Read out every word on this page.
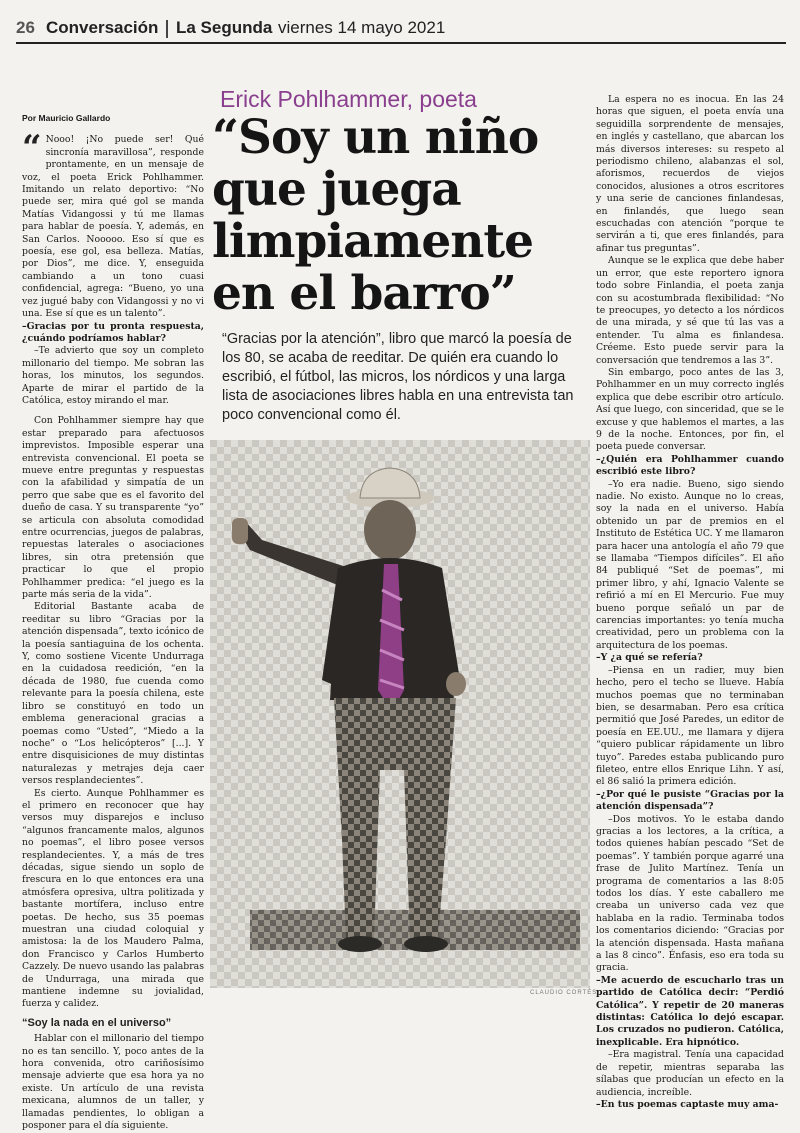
26 Conversación La Segunda viernes 14 mayo 2021
Por Mauricio Gallardo
“ Nooo! ¡No puede ser! Qué sincronía maravillosa”, responde prontamente, en un mensaje de voz, el poeta Erick Pohlhammer. Imitando un relato deportivo: “No puede ser, mira qué gol se manda Matías Vidangossi y tú me llamas para hablar de poesía. Y, además, en San Carlos. Nooooo. Eso sí que es poesía, ese gol, esa belleza. Matías, por Dios”, me dice. Y, enseguida cambiando a un tono cuasi confidencial, agrega: “Bueno, yo una vez jugué baby con Vidangossi y no vi una. Ese sí que es un talento”.

–Gracias por tu pronta respuesta, ¿cuándo podríamos hablar?

–Te advierto que soy un completo millonario del tiempo. Me sobran las horas, los minutos, los segundos. Aparte de mirar el partido de la Católica, estoy mirando el mar.

Con Pohlhammer siempre hay que estar preparado para afectuosos imprevistos. Imposible esperar una entrevista convencional. El poeta se mueve entre preguntas y respuestas con la afabilidad y simpatía de un perro que sabe que es el favorito del dueño de casa. Y su transparente “yo” se articula con absoluta comodidad entre ocurrencias, juegos de palabras, repuestas laterales o asociaciones libres, sin otra pretensión que practicar lo que el propio Pohlhammer predica: “el juego es la parte más seria de la vida”.

Editorial Bastante acaba de reeditar su libro “Gracias por la atención dispensada”, texto icónico de la poesía santiaguina de los ochenta. Y, como sostiene Vicente Undurraga en la cuidadosa reedición, “en la década de 1980, fue cuenda como relevante para la poesía chilena, este libro se constituyó en todo un emblema generacional gracias a poemas como “Usted”, “Miedo a la noche” o “Los helicópteros” [...]. Y entre disquisiciones de muy distintas naturalezas y metrajes deja caer versos resplandecientes”.

Es cierto. Aunque Pohlhammer es el primero en reconocer que hay versos muy disparejos e incluso “algunos francamente malos, algunos no poemas”, el libro posee versos resplandecientes. Y, a más de tres décadas, sigue siendo un soplo de frescura en lo que entonces era una atmósfera opresiva, ultra politizada y bastante mortífera, incluso entre poetas. De hecho, sus 35 poemas muestran una ciudad coloquial y amistosa: la de los Maudero Palma, don Francisco y Carlos Humberto Cazzely. De nuevo usando las palabras de Undurraga, una mirada que mantiene indemne su jovialidad, fuerza y calidez.

“Soy la nada en el universo”

Hablar con el millonario del tiempo no es tan sencillo. Y, poco antes de la hora convenida, otro cariñosísimo mensaje advierte que esa hora ya no existe. Un artículo de una revista mexicana, alumnos de un taller, y llamadas pendientes, lo obligan a posponer para el día siguiente.

Erick Pohlhammer, poeta
“Soy un niño
que juega
limpiamente
en el barro”
“Gracias por la atención”, libro que marcó la poesía de los 80, se acaba de reeditar. De quién era cuando lo escribió, el fútbol, las micros, los nórdicos y una larga lista de asociaciones libres habla en una entrevista tan poco convencional como él.
CLAUDIO CORTÉS

La espera no es inocua. En las 24 horas que siguen, el poeta envía una seguidilla sorprendente de mensajes, en inglés y castellano, que abarcan los más diversos intereses: su respeto al periodismo chileno, alabanzas el sol, aforismos, recuerdos de viejos conocidos, alusiones a otros escritores y una serie de canciones finlandesas, en finlandés, que luego sean escuchadas con atención “porque te servirán a ti, que eres finlandés, para afinar tus preguntas”.

Aunque se le explica que debe haber un error, que este reportero ignora todo sobre Finlandia, el poeta zanja con su acostumbrada flexibilidad: “No te preocupes, yo detecto a los nórdicos de una mirada, y sé que tú las vas a entender. Tu alma es finlandesa. Créeme. Esto puede servir para la conversación que tendremos a las 3”.

Sin embargo, poco antes de las 3, Pohlhammer en un muy correcto inglés explica que debe escribir otro artículo. Así que luego, con sinceridad, que se le excuse y que hablemos el martes, a las 9 de la noche. Entonces, por fin, el poeta puede conversar.

–¿Quién era Pohlhammer cuando escribió este libro?

–Yo era nadie. Bueno, sigo siendo nadie. No existo. Aunque no lo creas, soy la nada en el universo. Había obtenido un par de premios en el Instituto de Estética UC. Y me llamaron para hacer una antología el año 79 que se llamaba “Tiempos difíciles”. El año 84 publiqué “Set de poemas”, mi primer libro, y ahí, Ignacio Valente se refirió a mí en El Mercurio. Fue muy bueno porque señaló un par de carencias importantes: yo tenía mucha creatividad, pero un problema con la arquitectura de los poemas.

–Y ¿a qué se refería?

–Piensa en un radier, muy bien hecho, pero el techo se llueve. Había muchos poemas que no terminaban bien, se desarmaban. Pero esa crítica permitió que José Paredes, un editor de poesía en EE.UU., me llamara y dijera “quiero publicar rápidamente un libro tuyo”. Paredes estaba publicando puro fileteo, entre ellos Enrique Lihn. Y así, el 86 salió la primera edición.

–¿Por qué le pusiste “Gracias por la atención dispensada”?

–Dos motivos. Yo le estaba dando gracias a los lectores, a la crítica, a todos quienes habían pescado “Set de poemas”. Y también porque agarré una frase de Julito Martínez. Tenía un programa de comentarios a las 8:05 todos los días. Y este caballero me creaba un universo cada vez que hablaba en la radio. Terminaba todos los comentarios diciendo: “Gracias por la atención dispensada. Hasta mañana a las 8 cinco”. Énfasis, eso era toda su gracia.

–Me acuerdo de escucharlo tras un partido de Católica decir: “Perdió Católica”. Y repetir de 20 maneras distintas: Católica lo dejó escapar. Los cruzados no pudieron. Católica, inexplicable. Era hipnótico.

–Era magistral. Tenía una capacidad de repetir, mientras separaba las sílabas que producían un efecto en la audiencia, increíble.

–En tus poemas captaste muy ama-
